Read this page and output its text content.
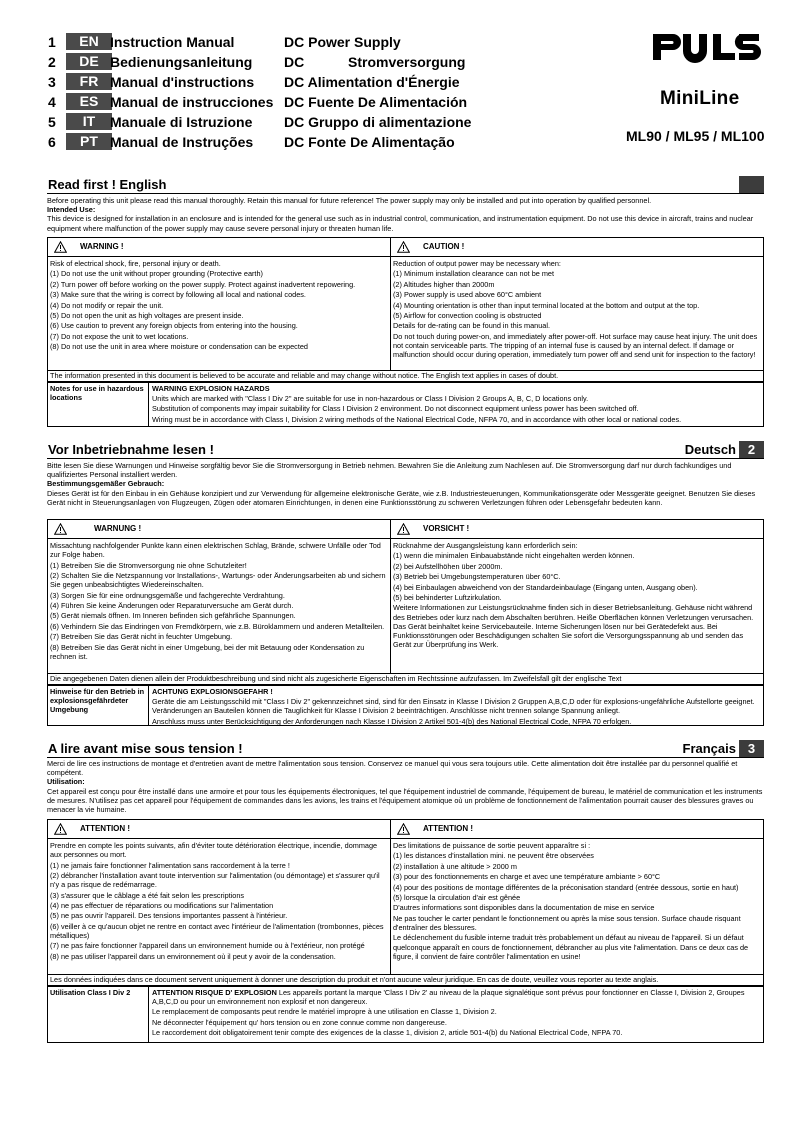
1	EN Instruction Manual	DC Power Supply
2	DE Bedienungsanleitung DC	Stromversorgung
3	FR Manual d'instructions DC Alimentation d'Énergie
4	ES Manual de instrucciones DC Fuente De Alimentación
5	IT	Manuale di Istruzione DC Gruppo di alimentazione
6	PT Manual de Instruções DC Fonte De Alimentação
MiniLine
ML90 / ML95 / ML100
Read first ! English

Before operating this unit please read this manual thoroughly. Retain this manual for future reference! The power supply may only be installed and put into operation by qualified personnel.

Intended Use:

This device is designed for installation in an enclosure and is intended for the general use such as in industrial control, communication, and instrumentation equipment. Do not use this device in aircraft, trains and nuclear equipment where malfunction of the power supply may cause severe personal injury or threaten human life.

WARNING !

Risk of electrical shock, fire, personal injury or death.

(1) Do not use the unit without proper grounding (Protective earth)

(2) Turn power off before working on the power supply. Protect against inadvertent repowering.

(3) Make sure that the wiring is correct by following all local and national codes.

(4) Do not modify or repair the unit.

(5) Do not open the unit as high voltages are present inside.

(6) Use caution to prevent any foreign objects from entering into the housing.

(7) Do not expose the unit to wet locations.

(8) Do not use the unit in area where moisture or condensation can be expected

CAUTION !

Reduction of output power may be necessary when:

(1) Minimum installation clearance can not be met

(2) Altitudes higher than 2000m

(3) Power supply is used above 60°C ambient

(4) Mounting orientation is other than input terminal located at the bottom and output at the top.

(5) Airflow for convection cooling is obstructed

Details for de-rating can be found in this manual.

Do not touch during power-on, and immediately after power-off. Hot surface may cause heat injury. The unit does not contain serviceable parts. The tripping of an internal fuse is caused by an internal defect. If damage or malfunction should occur during operation, immediately turn power off and send unit for inspection to the factory!

The information presented in this document is believed to be accurate and reliable and may change without notice. The English text applies in cases of doubt.
Notes for use in hazardous locations

WARNING EXPLOSION HAZARDS

Units which are marked with "Class I Div 2" are suitable for use in non-hazardous or Class I Division 2 Groups A, B, C, D locations only.

Substitution of components may impair suitability for Class I Division 2 environment. Do not disconnect equipment unless power has been switched off.

Wiring must be in accordance with Class I, Division 2 wiring methods of the National Electrical Code, NFPA 70, and in accordance with other local or national codes.

Vor Inbetriebnahme lesen !	Deutsch 2

Bitte lesen Sie diese Warnungen und Hinweise sorgfältig bevor Sie die Stromversorgung in Betrieb nehmen. Bewahren Sie die Anleitung zum Nachlesen auf. Die Stromversorgung darf nur durch fachkundiges und qualifiziertes Personal installiert werden.

Bestimmungsgemäßer Gebrauch:

Dieses Gerät ist für den Einbau in ein Gehäuse konzipiert und zur Verwendung für allgemeine elektronische Geräte, wie z.B. Industriesteuerungen, Kommunikationsgeräte oder Messgeräte geeignet. Benutzen Sie dieses Gerät nicht in Steuerungsanlagen von Flugzeugen, Zügen oder atomaren Einrichtungen, in denen eine Funktionsstörung zu schweren Verletzungen führen oder Lebensgefahr bedeuten kann.

WARNUNG !

Missachtung nachfolgender Punkte kann einen elektrischen Schlag, Brände, schwere Unfälle oder Tod zur Folge haben.

(1) Betreiben Sie die Stromversorgung nie ohne Schutzleiter!

(2) Schalten Sie die Netzspannung vor Installations-, Wartungs- oder Änderungsarbeiten ab und sichern Sie gegen unbeabsichtigtes Wiedereinschalten.

(3) Sorgen Sie für eine ordnungsgemäße und fachgerechte Verdrahtung.

(4) Führen Sie keine Änderungen oder Reparaturversuche am Gerät durch.

(5) Gerät niemals öffnen. Im Inneren befinden sich gefährliche Spannungen.

(6) Verhindern Sie das Eindringen von Fremdkörpern, wie z.B. Büroklammern und anderen Metallteilen.

(7) Betreiben Sie das Gerät nicht in feuchter Umgebung.

(8) Betreiben Sie das Gerät nicht in einer Umgebung, bei der mit Betauung oder Kondensation zu rechnen ist.

VORSICHT !

Rücknahme der Ausgangsleistung kann erforderlich sein:

(1) wenn die minimalen Einbauabstände nicht eingehalten werden können.

(2) bei Aufstellhöhen über 2000m.

(3) Betrieb bei Umgebungstemperaturen über 60°C.

(4) bei Einbaulagen abweichend von der Standardeinbaulage (Eingang unten, Ausgang oben).

(5) bei behinderter Luftzirkulation.

Weitere Informationen zur Leistungsrücknahme finden sich in dieser Betriebsanleitung. Gehäuse nicht während des Betriebes oder kurz nach dem Abschalten berühren. Heiße Oberflächen können Verletzungen verursachen. Das Gerät beinhaltet keine Servicebauteile. Interne Sicherungen lösen nur bei Gerätedefekt aus. Bei Funktionsstörungen oder Beschädigungen schalten Sie sofort die Versorgungsspannung ab und senden das Gerät zur Überprüfung ins Werk.

Die angegebenen Daten dienen allein der Produktbeschreibung und sind nicht als zugesicherte Eigenschaften im Rechtssinne aufzufassen. Im Zweifelsfall gilt der englische Text
Hinweise für den Betrieb in explosionsgefährdeter Umgebung

ACHTUNG EXPLOSIONSGEFAHR !

Geräte die am Leistungsschild mit "Class I Div 2" gekennzeichnet sind, sind für den Einsatz in Klasse I Division 2 Gruppen A,B,C,D oder für explosions-ungefährliche Aufstellorte geeignet. Veränderungen an Bauteilen können die Tauglichkeit für Klasse I Division 2 beeinträchtigen. Anschlüsse nicht trennen solange Spannung anliegt.

Anschluss muss unter Berücksichtigung der Anforderungen nach Klasse I Division 2 Artikel 501-4(b) des National Electrical Code, NFPA 70 erfolgen.

A lire avant mise sous tension !	Français 3

Merci de lire ces instructions de montage et d'entretien avant de mettre l'alimentation sous tension. Conservez ce manuel qui vous sera toujours utile. Cette alimentation doit être installée par du personnel qualifié et compétent.

Utilisation:

Cet appareil est conçu pour être installé dans une armoire et pour tous les équipements électroniques, tel que l'équipement industriel de commande, l'équipement de bureau, le matériel de communication et les instruments de mesures. N'utilisez pas cet appareil pour l'équipement de commandes dans les avions, les trains et l'équipement atomique où un problème de fonctionnement de l'alimentation pourrait causer des blessures graves ou menacer la vie humaine.

ATTENTION !

Prendre en compte les points suivants, afin d'éviter toute détérioration électrique, incendie, dommage aux personnes ou mort.

(1) ne jamais faire fonctionner l'alimentation sans raccordement à la terre !

(2) débrancher l'installation avant toute intervention sur l'alimentation (ou démontage) et s'assurer qu'il n'y a pas risque de redémarrage.

(3) s'assurer que le câblage a été fait selon les prescriptions

(4) ne pas effectuer de réparations ou modifications sur l'alimentation

(5) ne pas ouvrir l'appareil. Des tensions importantes passent à l'intérieur.

(6) veiller à ce qu'aucun objet ne rentre en contact avec l'intérieur de l'alimentation (trombonnes, pièces métalliques)

(7) ne pas faire fonctionner l'appareil dans un environnement humide ou à l'extérieur, non protégé

(8) ne pas utiliser l'appareil dans un environnement où il peut y avoir de la condensation.

ATTENTION !

Des limitations de puissance de sortie peuvent apparaître si :

(1) les distances d'installation mini. ne peuvent être observées

(2) installation à une altitude > 2000 m

(3) pour des fonctionnements en charge et avec une température ambiante > 60°C

(4) pour des positions de montage différentes de la préconisation standard (entrée dessous, sortie en haut)

(5) lorsque la circulation d'air est gênée

D'autres informations sont disponibles dans la documentation de mise en service

Ne pas toucher le carter pendant le fonctionnement ou après la mise sous tension. Surface chaude risquant d'entraîner des blessures.

Le déclenchement du fusible interne traduit très probablement un défaut au niveau de l'appareil. Si un défaut quelconque apparaît en cours de fonctionnement, débrancher au plus vite l'alimentation. Dans ce deux cas de figure, il convient de faire contrôler l'alimentation en usine!

Les données indiquées dans ce document servent uniquement à donner une description du produit et n'ont aucune valeur juridique. En cas de doute, veuillez vous reporter au texte anglais.
Utilisation Class I Div 2	ATTENTION RISQUE D' EXPLOSION Les appareils portant la marque 'Class I Div 2' au niveau de la plaque signalétique sont prévus pour fonctionner en Classe I, Division 2, Groupes A,B,C,D ou pour un environnement non explosif et non dangereux.

Le remplacement de composants peut rendre le matériel impropre à une utilisation en Classe 1, Division 2.

Ne déconnecter l'équipement qu' hors tension ou en zone connue comme non dangereuse.

Le raccordement doit obligatoirement tenir compte des exigences de la classe 1, division 2, article 501-4(b) du National Electrical Code, NFPA 70.
